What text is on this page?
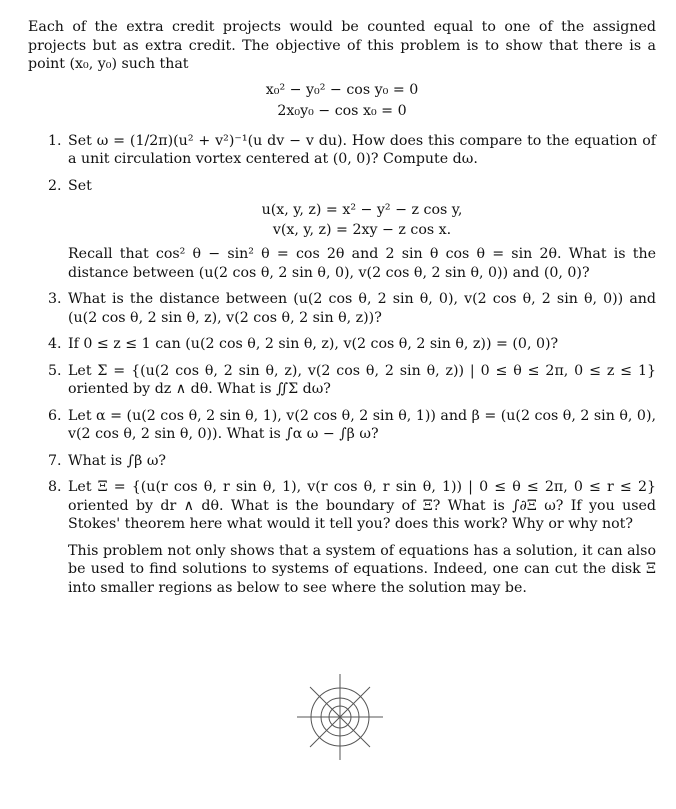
Each of the extra credit projects would be counted equal to one of the assigned projects but as extra credit. The objective of this problem is to show that there is a point (x₀, y₀) such that

x₀² − y₀² − cos y₀ = 0
2x₀y₀ − cos x₀ = 0
1. Set ω = (1/2π)(u² + v²)⁻¹(u dv − v du). How does this compare to the equation of a unit circulation vortex centered at (0, 0)? Compute dω.

2. Set

u(x, y, z) = x² − y² − z cos y,
v(x, y, z) = 2xy − z cos x.

Recall that cos² θ − sin² θ = cos 2θ and 2 sin θ cos θ = sin 2θ. What is the distance between (u(2 cos θ, 2 sin θ, 0), v(2 cos θ, 2 sin θ, 0)) and (0, 0)?

3. What is the distance between (u(2 cos θ, 2 sin θ, 0), v(2 cos θ, 2 sin θ, 0)) and (u(2 cos θ, 2 sin θ, z), v(2 cos θ, 2 sin θ, z))?

4. If 0 ≤ z ≤ 1 can (u(2 cos θ, 2 sin θ, z), v(2 cos θ, 2 sin θ, z)) = (0, 0)?

5. Let Σ = {(u(2 cos θ, 2 sin θ, z), v(2 cos θ, 2 sin θ, z)) | 0 ≤ θ ≤ 2π, 0 ≤ z ≤ 1} oriented by dz ∧ dθ. What is ∬Σ dω?

6. Let α = (u(2 cos θ, 2 sin θ, 1), v(2 cos θ, 2 sin θ, 1)) and β = (u(2 cos θ, 2 sin θ, 0), v(2 cos θ, 2 sin θ, 0)). What is ∫α ω − ∫β ω?

7. What is ∫β ω?

8. Let Ξ = {(u(r cos θ, r sin θ, 1), v(r cos θ, r sin θ, 1)) | 0 ≤ θ ≤ 2π, 0 ≤ r ≤ 2} oriented by dr ∧ dθ. What is the boundary of Ξ? What is ∫∂Ξ ω? If you used Stokes' theorem here what would it tell you? does this work? Why or why not?

This problem not only shows that a system of equations has a solution, it can also be used to find solutions to systems of equations. Indeed, one can cut the disk Ξ into smaller regions as below to see where the solution may be.
